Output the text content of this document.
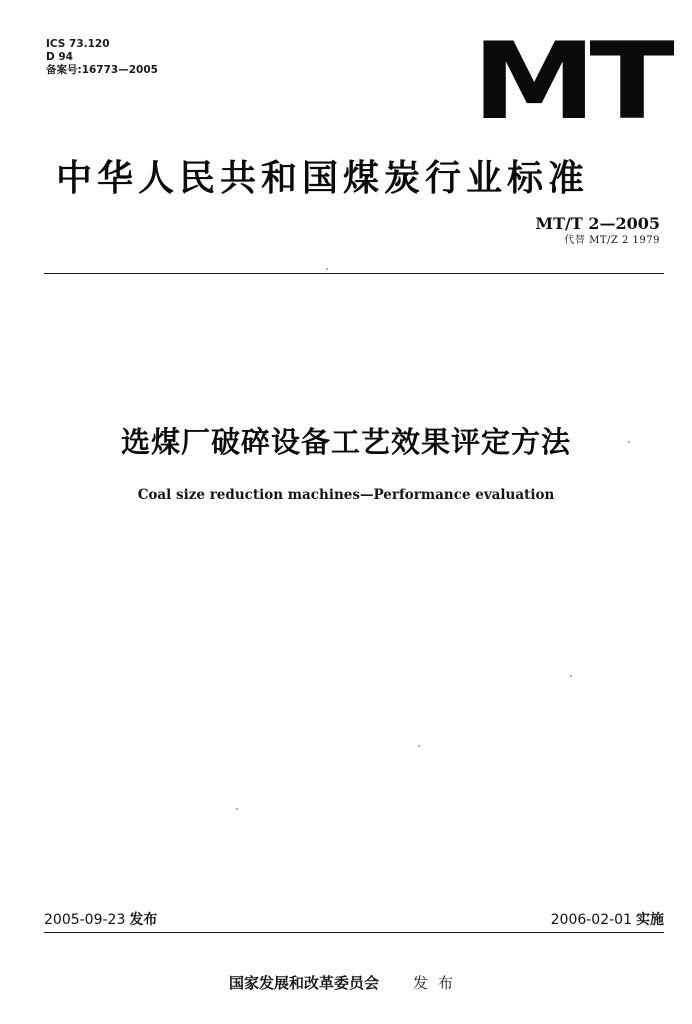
ICS 73.120
D 94
备案号:16773—2005	MT
中华人民共和国煤炭行业标准
MT/T 2—2005
代替 MT/Z 2 1979
选煤厂破碎设备工艺效果评定方法
Coal size reduction machines—Performance evaluation
2005-09-23 发布	2006-02-01 实施
国家发展和改革委员会 发布
